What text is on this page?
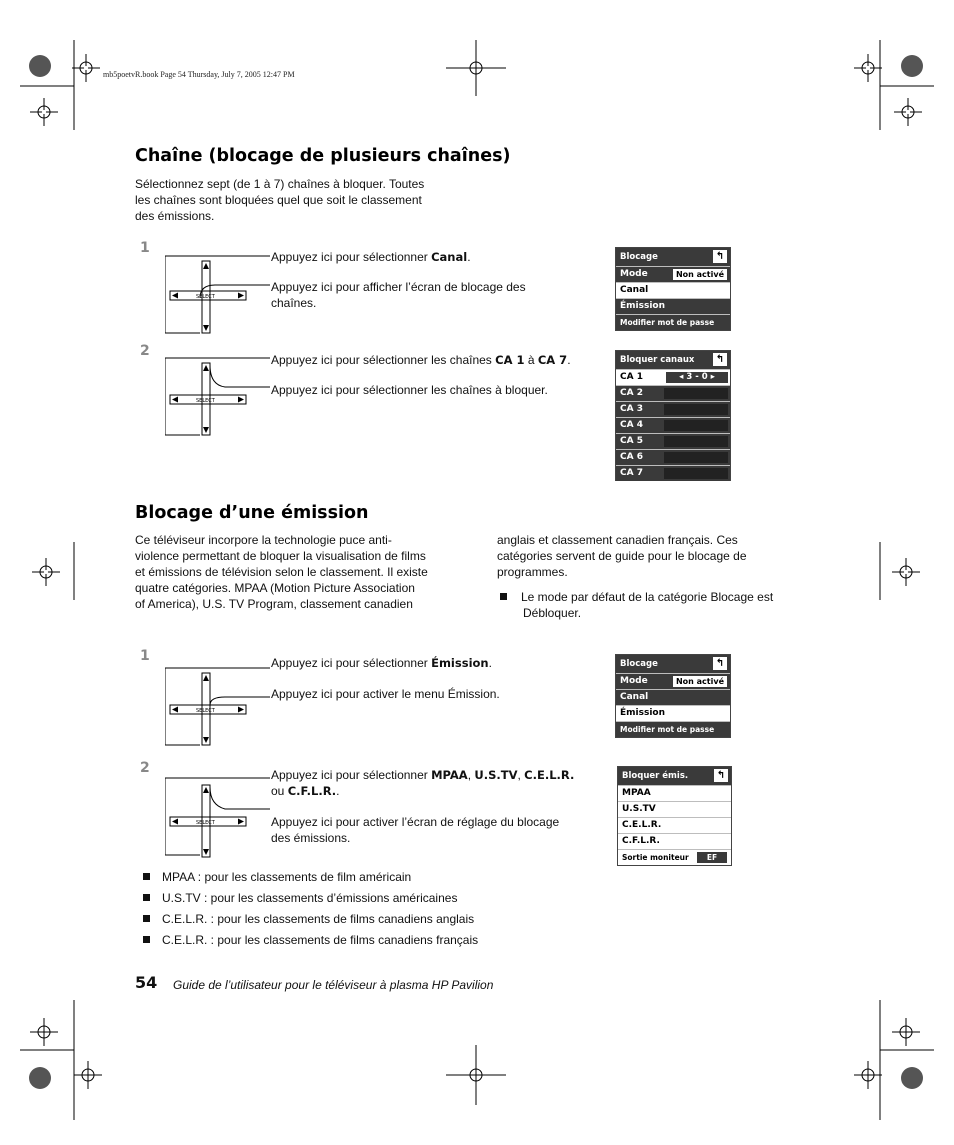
mb5poetvR.book Page 54 Thursday, July 7, 2005 12:47 PM
Chaîne (blocage de plusieurs chaînes)
Sélectionnez sept (de 1 à 7) chaînes à bloquer. Toutes
les chaînes sont bloquées quel que soit le classement
des émissions.
1
SELECT
Appuyez ici pour sélectionner Canal.
Appuyez ici pour afficher l’écran de blocage des
chaînes.
Blocage	↰
Mode	Non activé
Canal
Émission
Modifier mot de passe
2
SELECT
Appuyez ici pour sélectionner les chaînes CA 1 à CA 7.
Appuyez ici pour sélectionner les chaînes à bloquer.
Bloquer canaux ↰
CA 1	◂ 3 - 0 ▸
CA 2
CA 3
CA 4
CA 5
CA 6
CA 7
Blocage d’une émission
Ce téléviseur incorpore la technologie puce anti-
violence permettant de bloquer la visualisation de films
et émissions de télévision selon le classement. Il existe
quatre catégories. MPAA (Motion Picture Association
of America), U.S. TV Program, classement canadien
anglais et classement canadien français. Ces
catégories servent de guide pour le blocage de
programmes.
Le mode par défaut de la catégorie Blocage est
Débloquer.
1
SELECT
Appuyez ici pour sélectionner Émission.
Appuyez ici pour activer le menu Émission.
Blocage	↰
Mode	Non activé
Canal
Émission
Modifier mot de passe
2
SELECT
Appuyez ici pour sélectionner MPAA, U.S.TV, C.E.L.R.
ou C.F.L.R..
Appuyez ici pour activer l’écran de réglage du blocage
des émissions.
Bloquer émis.	↰
MPAA
U.S.TV
C.E.L.R.
C.F.L.R.
Sortie moniteur	EF
MPAA : pour les classements de film américain
U.S.TV : pour les classements d’émissions américaines
C.E.L.R. : pour les classements de films canadiens anglais
C.E.L.R. : pour les classements de films canadiens français
54 Guide de l’utilisateur pour le téléviseur à plasma HP Pavilion
